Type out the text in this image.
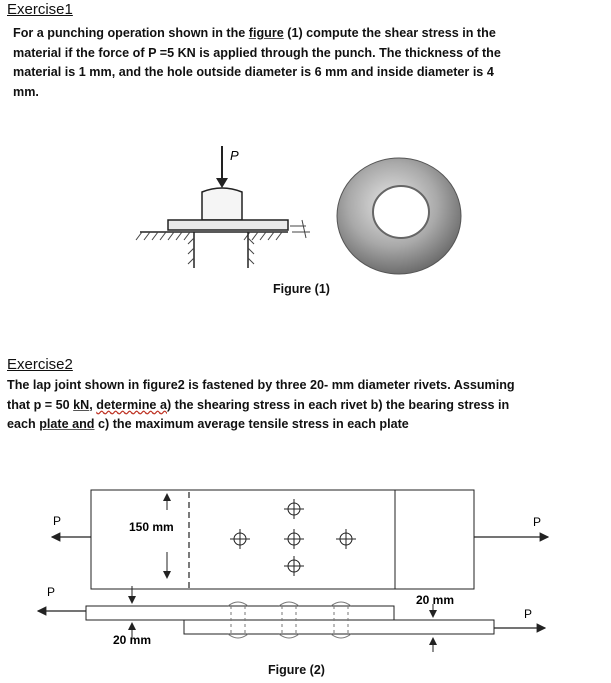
Exercise1
For a punching operation shown in the figure (1) compute the shear stress in the
material if the force of P =5 KN is applied through the punch. The thickness of the
material is 1 mm, and the hole outside diameter is 6 mm and inside diameter is 4
mm.
P
Figure (1)
Exercise2
The lap joint shown in figure2 is fastened by three 20- mm diameter rivets. Assuming
that p = 50 kN, determine a) the shearing stress in each rivet b) the bearing stress in
each plate and c) the maximum average tensile stress in each plate
150 mm
P	P
P
P
20 mm
20 mm
Figure (2)
